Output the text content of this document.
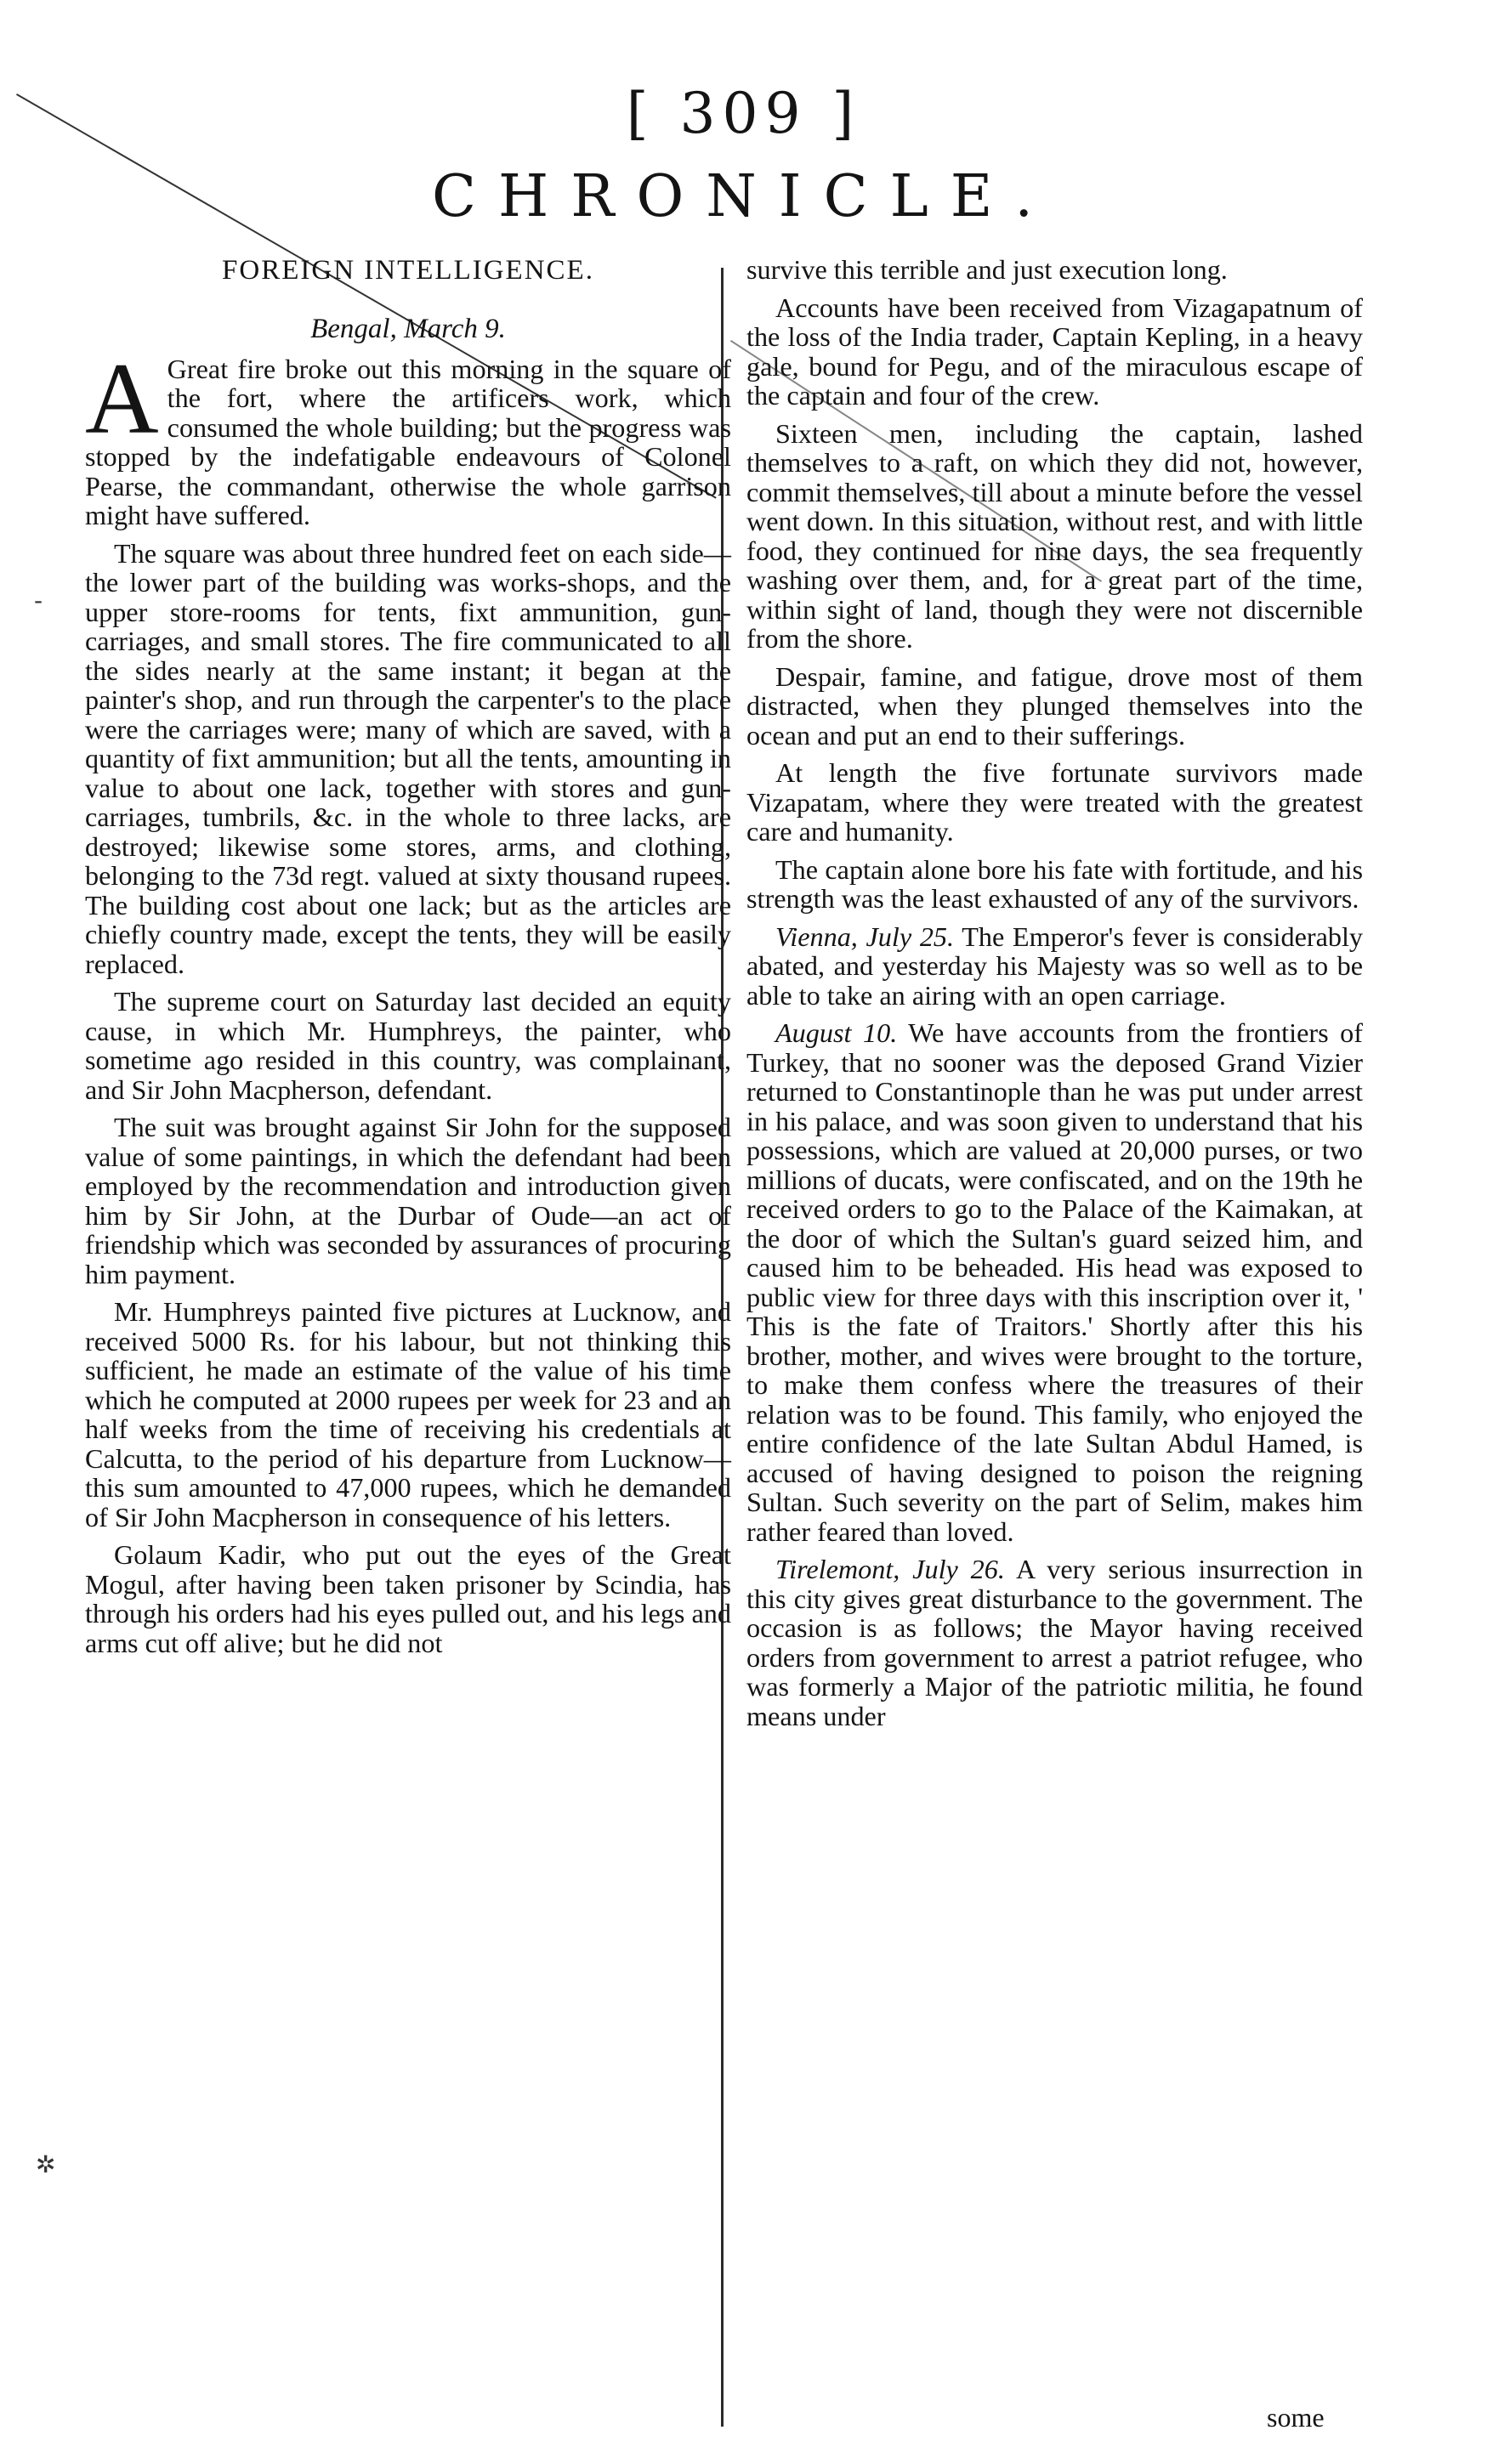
[ 309 ]
CHRONICLE.
FOREIGN INTELLIGENCE.
Bengal, March 9.

A Great fire broke out this morning in the square of the fort, where the artificers work, which consumed the whole building; but the progress was stopped by the indefatigable endeavours of Colonel Pearse, the commandant, otherwise the whole garrison might have suffered.

The square was about three hundred feet on each side—the lower part of the building was works-shops, and the upper store-rooms for tents, fixt ammunition, gun-carriages, and small stores. The fire communicated to all the sides nearly at the same instant; it began at the painter's shop, and run through the carpenter's to the place were the carriages were; many of which are saved, with a quantity of fixt ammunition; but all the tents, amounting in value to about one lack, together with stores and gun-carriages, tumbrils, &c. in the whole to three lacks, are destroyed; likewise some stores, arms, and clothing, belonging to the 73d regt. valued at sixty thousand rupees. The building cost about one lack; but as the articles are chiefly country made, except the tents, they will be easily replaced.

The supreme court on Saturday last decided an equity cause, in which Mr. Humphreys, the painter, who sometime ago resided in this country, was complainant, and Sir John Macpherson, defendant.

The suit was brought against Sir John for the supposed value of some paintings, in which the defendant had been employed by the recommendation and introduction given him by Sir John, at the Durbar of Oude—an act of friendship which was seconded by assurances of procuring him payment.

Mr. Humphreys painted five pictures at Lucknow, and received 5000 Rs. for his labour, but not thinking this sufficient, he made an estimate of the value of his time which he computed at 2000 rupees per week for 23 and an half weeks from the time of receiving his credentials at Calcutta, to the period of his departure from Lucknow—this sum amounted to 47,000 rupees, which he demanded of Sir John Macpherson in consequence of his letters.

Golaum Kadir, who put out the eyes of the Great Mogul, after having been taken prisoner by Scindia, has through his orders had his eyes pulled out, and his legs and arms cut off alive; but he did not

survive this terrible and just execution long.

Accounts have been received from Vizagapatnum of the loss of the India trader, Captain Kepling, in a heavy gale, bound for Pegu, and of the miraculous escape of the captain and four of the crew.

Sixteen men, including the captain, lashed themselves to a raft, on which they did not, however, commit themselves, till about a minute before the vessel went down. In this situation, without rest, and with little food, they continued for nine days, the sea frequently washing over them, and, for a great part of the time, within sight of land, though they were not discernible from the shore.

Despair, famine, and fatigue, drove most of them distracted, when they plunged themselves into the ocean and put an end to their sufferings.

At length the five fortunate survivors made Vizapatam, where they were treated with the greatest care and humanity.

The captain alone bore his fate with fortitude, and his strength was the least exhausted of any of the survivors.

Vienna, July 25. The Emperor's fever is considerably abated, and yesterday his Majesty was so well as to be able to take an airing with an open carriage.

August 10. We have accounts from the frontiers of Turkey, that no sooner was the deposed Grand Vizier returned to Constantinople than he was put under arrest in his palace, and was soon given to understand that his possessions, which are valued at 20,000 purses, or two millions of ducats, were confiscated, and on the 19th he received orders to go to the Palace of the Kaimakan, at the door of which the Sultan's guard seized him, and caused him to be beheaded. His head was exposed to public view for three days with this inscription over it, ' This is the fate of Traitors.' Shortly after this his brother, mother, and wives were brought to the torture, to make them confess where the treasures of their relation was to be found. This family, who enjoyed the entire confidence of the late Sultan Abdul Hamed, is accused of having designed to poison the reigning Sultan. Such severity on the part of Selim, makes him rather feared than loved.

Tirelemont, July 26. A very serious insurrection in this city gives great disturbance to the government. The occasion is as follows; the Mayor having received orders from government to arrest a patriot refugee, who was formerly a Major of the patriotic militia, he found means under

some
-
✲
